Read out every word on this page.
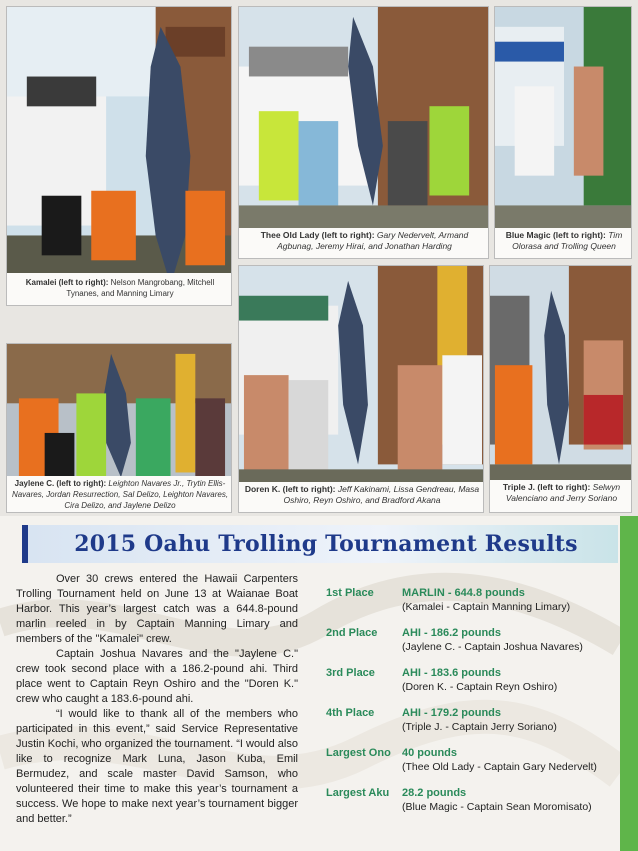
Kamalei (left to right): Nelson Mangrobang, Mitchell Tynanes, and Manning Limary
Thee Old Lady (left to right): Gary Nedervelt, Armand Agbunag, Jeremy Hirai, and Jonathan Harding
Blue Magic (left to right): Tim Olorasa and Trolling Queen
Jaylene C. (left to right): Leighton Navares Jr., Trytin Ellis-Navares, Jordan Resurrection, Sal Delizo, Leighton Navares, Cira Delizo, and Jaylene Delizo
Doren K. (left to right): Jeff Kakinami, Lissa Gendreau, Masa Oshiro, Reyn Oshiro, and Bradford Akana
Triple J. (left to right): Selwyn Valenciano and Jerry Soriano
2015 Oahu Trolling Tournament Results

Over 30 crews entered the Hawaii Carpenters Trolling Tournament held on June 13 at Waianae Boat Harbor. This year’s largest catch was a 644.8-pound marlin reeled in by Captain Manning Limary and members of the "Kamalei" crew.

Captain Joshua Navares and the "Jaylene C." crew took second place with a 186.2-pound ahi. Third place went to Captain Reyn Oshiro and the "Doren K." crew who caught a 183.6-pound ahi.

“I would like to thank all of the members who participated in this event,” said Service Representative Justin Kochi, who organized the tournament. “I would also like to recognize Mark Luna, Jason Kuba, Emil Bermudez, and scale master David Samson, who volunteered their time to make this year’s tournament a success. We hope to make next year’s tournament bigger and better.”

1st Place	MARLIN - 644.8 pounds
(Kamalei - Captain Manning Limary)
2nd Place AHI - 186.2 pounds
(Jaylene C. - Captain Joshua Navares)
3rd Place AHI - 183.6 pounds
(Doren K. - Captain Reyn Oshiro)
4th Place	AHI - 179.2 pounds
(Triple J. - Captain Jerry Soriano)
Largest Ono 40 pounds
(Thee Old Lady - Captain Gary Nedervelt)
Largest Aku 28.2 pounds
(Blue Magic - Captain Sean Moromisato)
